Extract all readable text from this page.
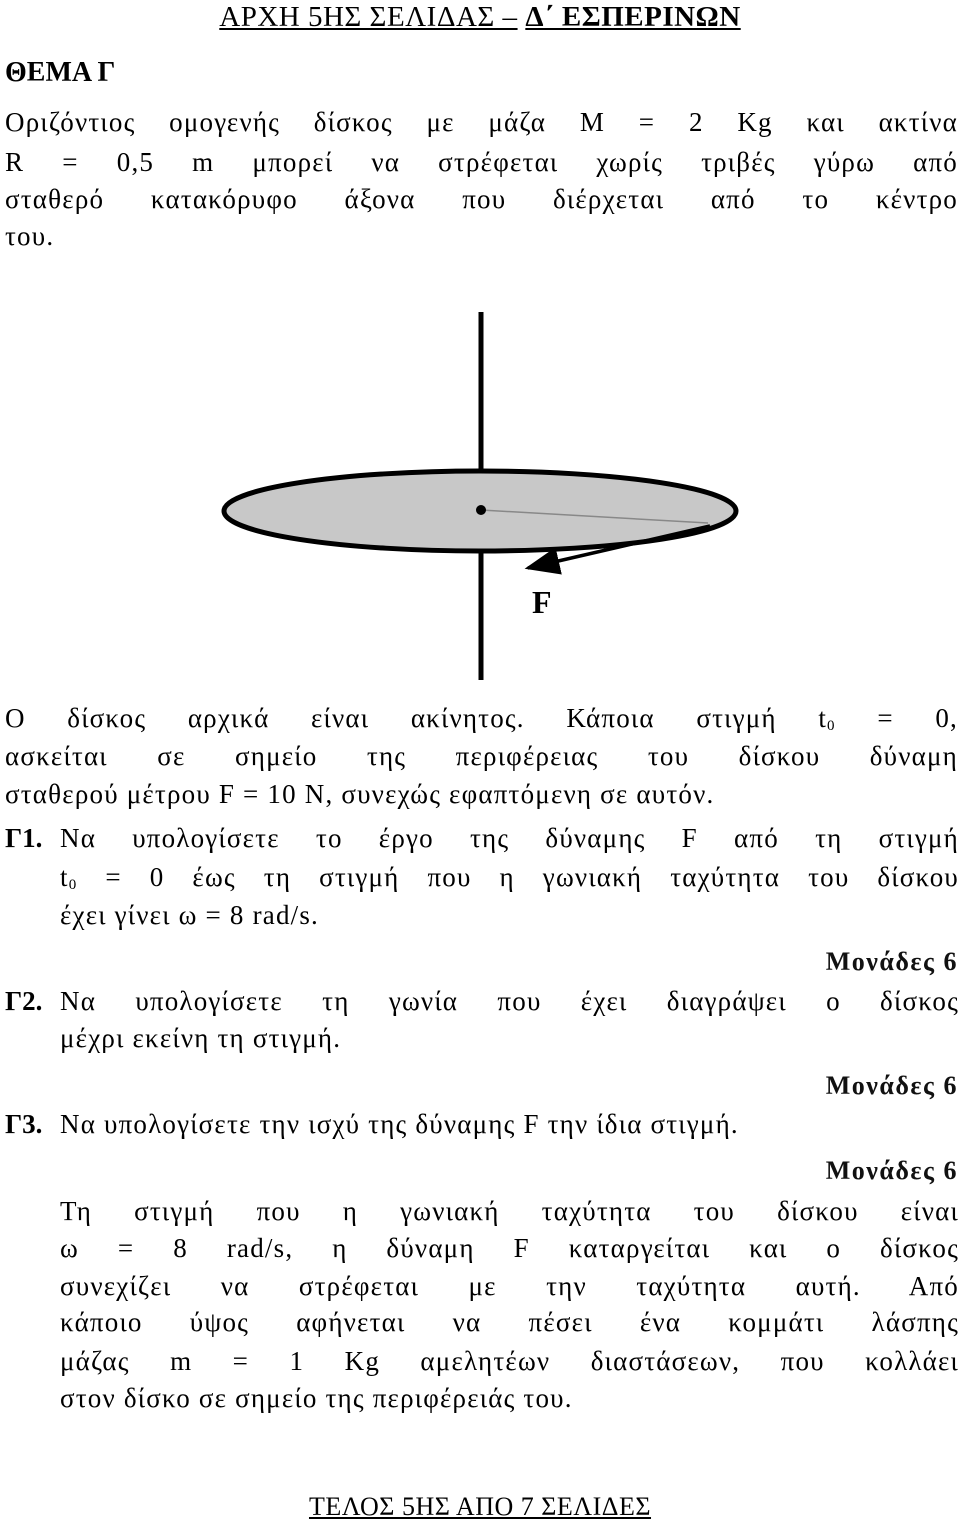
ΑΡΧΗ 5ΗΣ ΣΕΛΙΔΑΣ – Δ΄ ΕΣΠΕΡΙΝΩΝ
ΘΕΜΑ Γ
Οριζόντιος ομογενής δίσκος με μάζα Μ = 2 Kg και ακτίνα
R = 0,5 m μπορεί να στρέφεται χωρίς τριβές γύρω από
σταθερό κατακόρυφο άξονα που διέρχεται από το κέντρο
του.
F
Ο δίσκος αρχικά είναι ακίνητος. Κάποια στιγμή $t_0 = 0$,
ασκείται σε σημείο της περιφέρειας του δίσκου δύναμη
σταθερού μέτρου F = 10 N, συνεχώς εφαπτόμενη σε αυτόν.
Γ1. Να υπολογίσετε το έργο της δύναμης F από τη στιγμή
$t_0 = 0$ έως τη στιγμή που η γωνιακή ταχύτητα του δίσκου
έχει γίνει ω = 8 rad/s.
Μονάδες 6
Γ2. Να υπολογίσετε τη γωνία που έχει διαγράψει ο δίσκος
μέχρι εκείνη τη στιγμή.
Μονάδες 6
Γ3. Να υπολογίσετε την ισχύ της δύναμης F την ίδια στιγμή.
Μονάδες 6
Τη στιγμή που η γωνιακή ταχύτητα του δίσκου είναι
ω = 8 rad/s, η δύναμη F καταργείται και ο δίσκος
συνεχίζει να στρέφεται με την ταχύτητα αυτή. Από
κάποιο ύψος αφήνεται να πέσει ένα κομμάτι λάσπης
μάζας m = 1 Kg αμελητέων διαστάσεων, που κολλάει
στον δίσκο σε σημείο της περιφέρειάς του.
ΤΕΛΟΣ 5ΗΣ ΑΠΟ 7 ΣΕΛΙΔΕΣ
